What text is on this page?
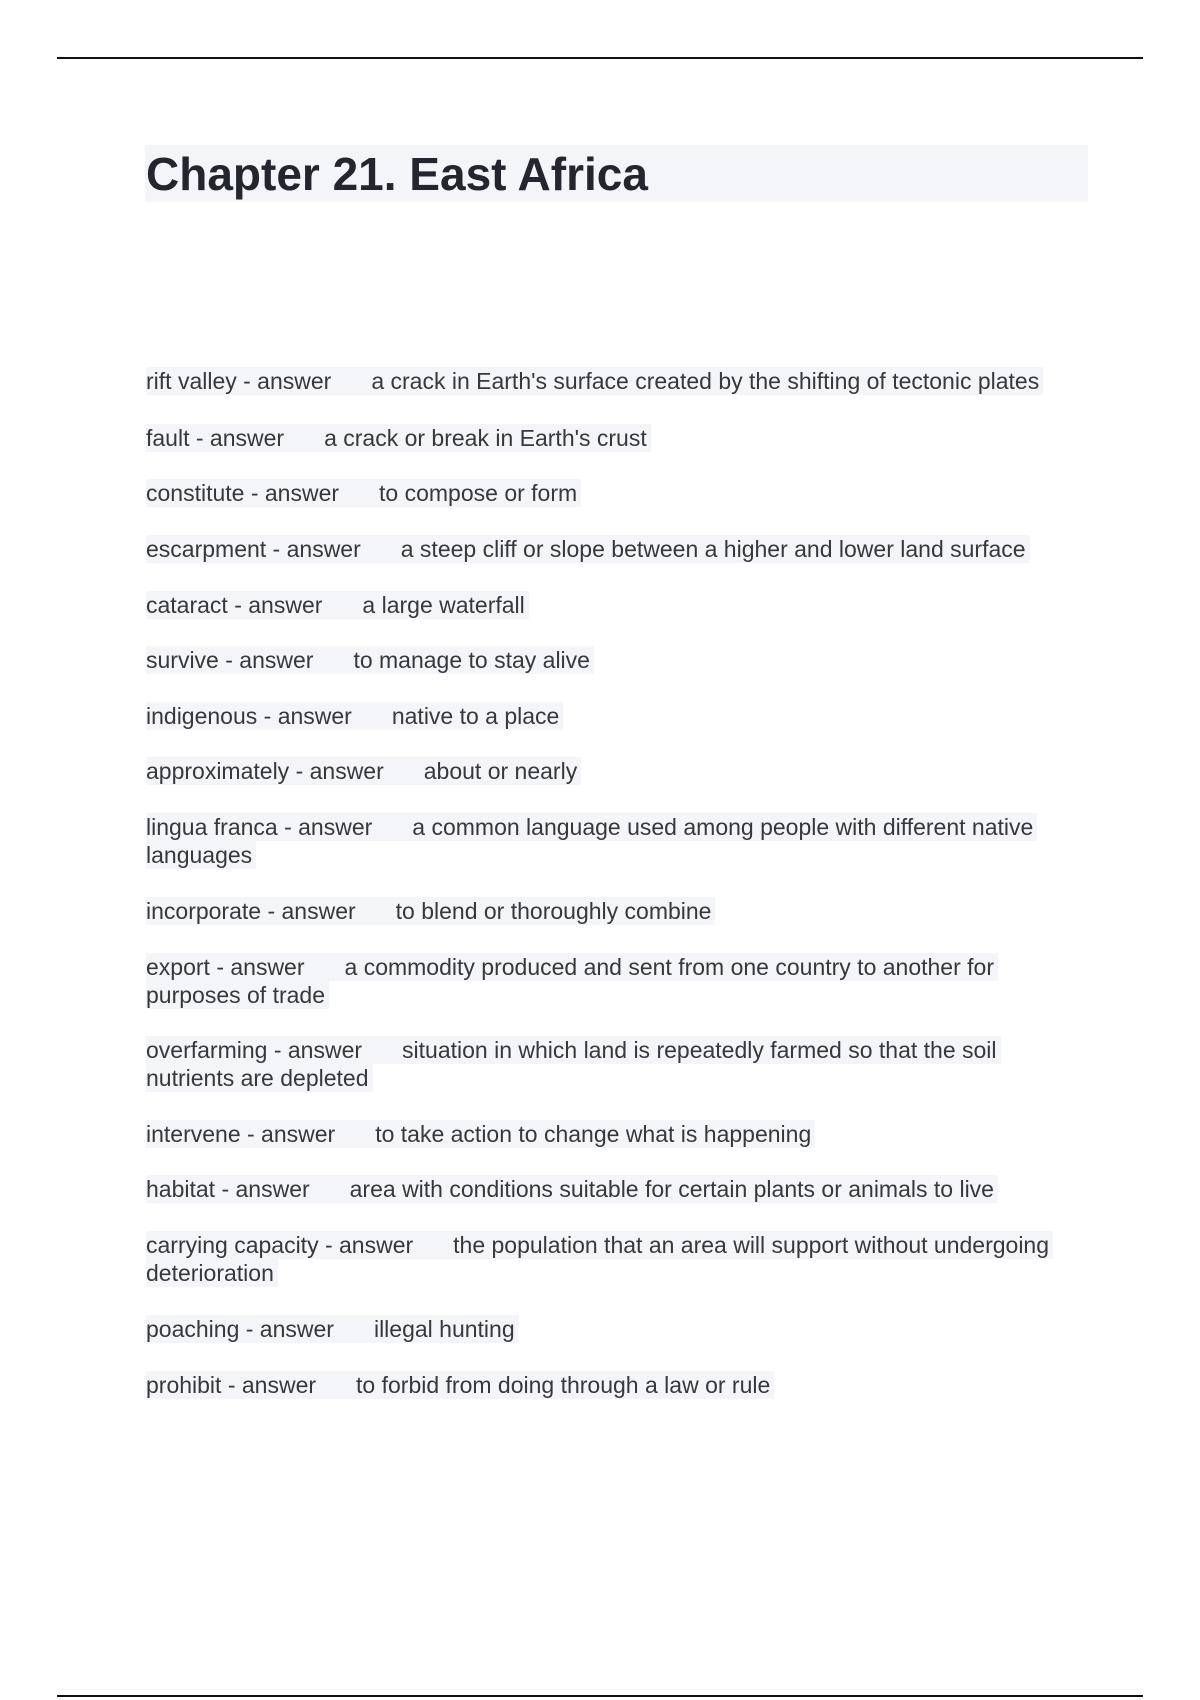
Chapter 21. East Africa
rift valley - answer a crack in Earth's surface created by the shifting of tectonic plates
fault - answer a crack or break in Earth's crust
constitute - answer to compose or form
escarpment - answer a steep cliff or slope between a higher and lower land surface
cataract - answer a large waterfall
survive - answer to manage to stay alive
indigenous - answer native to a place
approximately - answer about or nearly
lingua franca - answer a common language used among people with different native languages
incorporate - answer to blend or thoroughly combine
export - answer a commodity produced and sent from one country to another for purposes of trade
overfarming - answer situation in which land is repeatedly farmed so that the soil nutrients are depleted
intervene - answer to take action to change what is happening
habitat - answer area with conditions suitable for certain plants or animals to live
carrying capacity - answer the population that an area will support without undergoing deterioration
poaching - answer illegal hunting
prohibit - answer to forbid from doing through a law or rule
